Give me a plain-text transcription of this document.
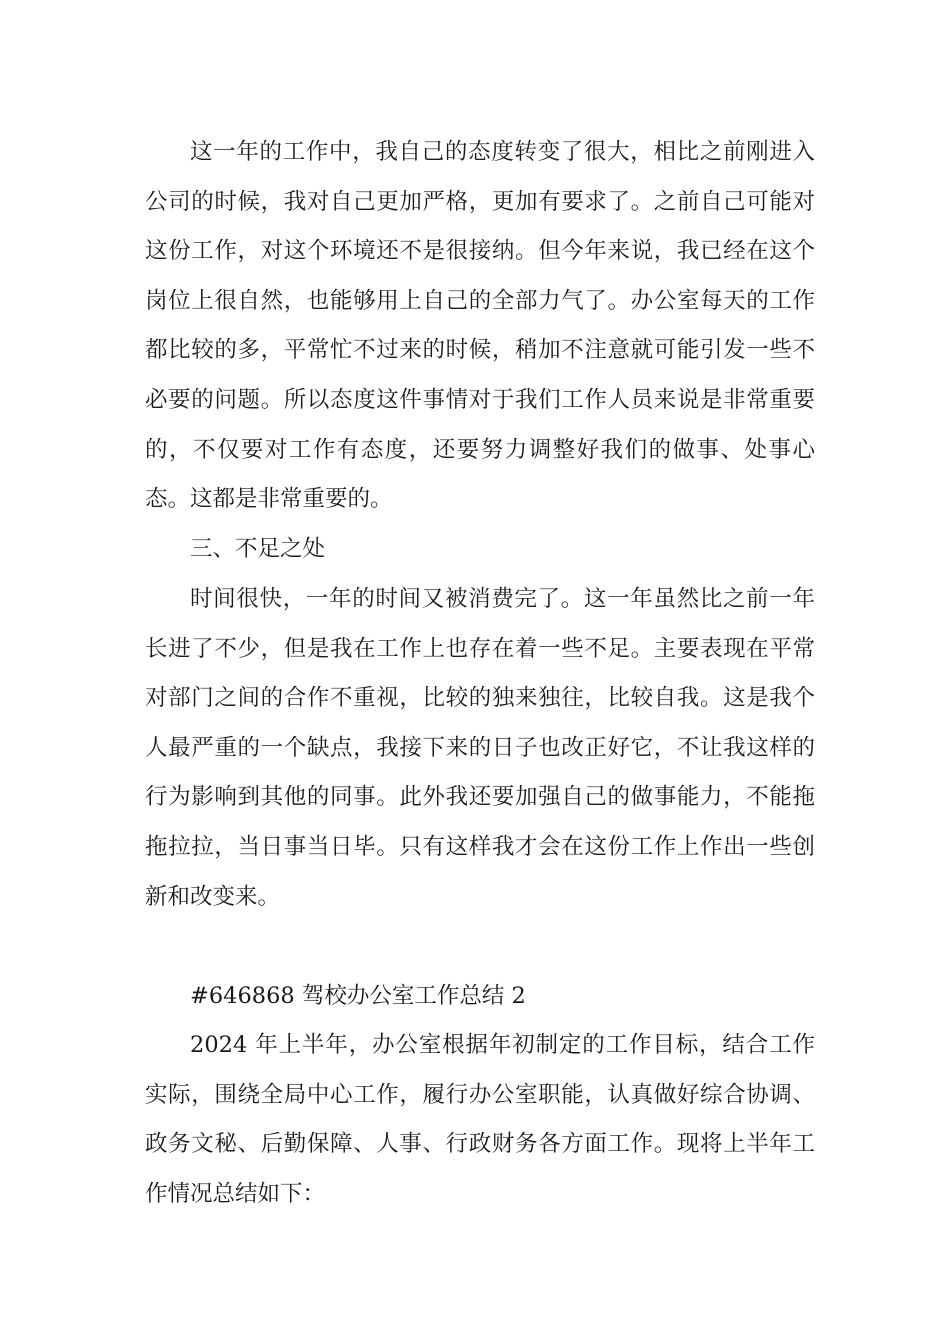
这一年的工作中，我自己的态度转变了很大，相比之前刚进入公司的时候，我对自己更加严格，更加有要求了。之前自己可能对这份工作，对这个环境还不是很接纳。但今年来说，我已经在这个岗位上很自然，也能够用上自己的全部力气了。办公室每天的工作都比较的多，平常忙不过来的时候，稍加不注意就可能引发一些不必要的问题。所以态度这件事情对于我们工作人员来说是非常重要的，不仅要对工作有态度，还要努力调整好我们的做事、处事心态。这都是非常重要的。

三、不足之处

时间很快，一年的时间又被消费完了。这一年虽然比之前一年长进了不少，但是我在工作上也存在着一些不足。主要表现在平常对部门之间的合作不重视，比较的独来独往，比较自我。这是我个人最严重的一个缺点，我接下来的日子也改正好它，不让我这样的行为影响到其他的同事。此外我还要加强自己的做事能力，不能拖拖拉拉，当日事当日毕。只有这样我才会在这份工作上作出一些创新和改变来。

#646868 驾校办公室工作总结 2

2024 年上半年，办公室根据年初制定的工作目标，结合工作实际，围绕全局中心工作，履行办公室职能，认真做好综合协调、政务文秘、后勤保障、人事、行政财务各方面工作。现将上半年工作情况总结如下：
